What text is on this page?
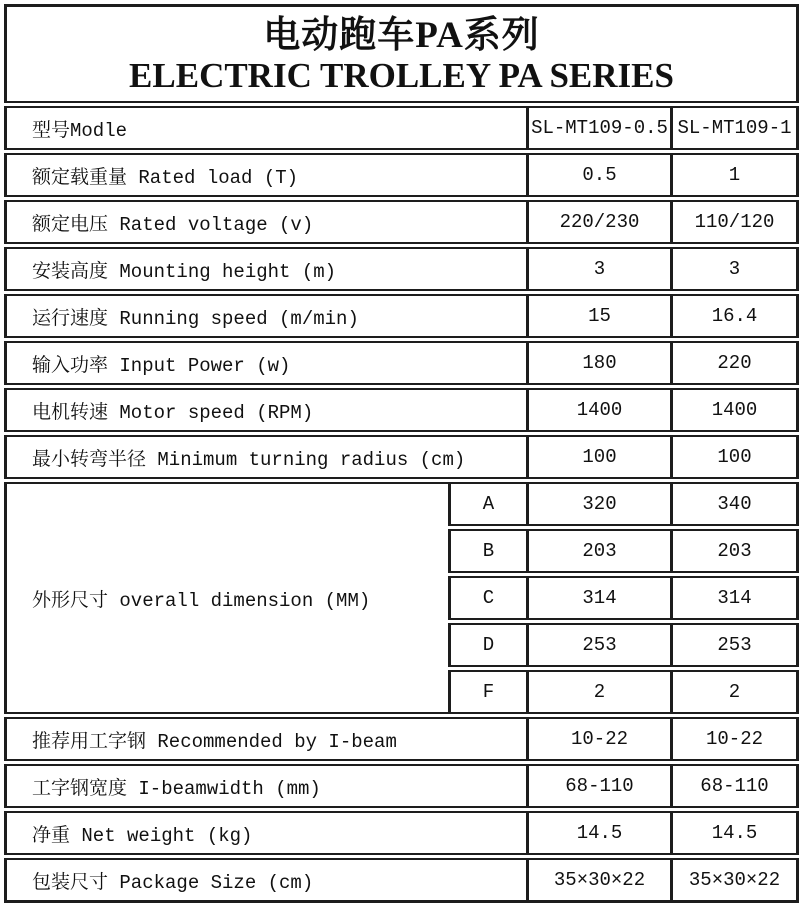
电动跑车PA系列
ELECTRIC TROLLEY PA SERIES			

型号Modle		SL-MT109-0.5	SL-MT109-1
额定载重量 Rated load (T)		0.5	1
额定电压 Rated voltage (v)		220/230	110/120
安装高度 Mounting height (m)		3	3
运行速度 Running speed (m/min)		15	16.4
输入功率 Input Power (w)		180	220
电机转速 Motor speed (RPM)		1400	1400
最小转弯半径 Minimum turning radius (cm)		100	100
外形尺寸 overall dimension (MM)	A	320	340
	B	203	203
	C	314	314
	D	253	253
	F	2	2
推荐用工字钢 Recommended by I-beam		10-22	10-22
工字钢宽度 I-beamwidth (mm)		68-110	68-110
净重 Net weight (kg)		14.5	14.5
包装尺寸 Package Size (cm)		35×30×22	35×30×22
